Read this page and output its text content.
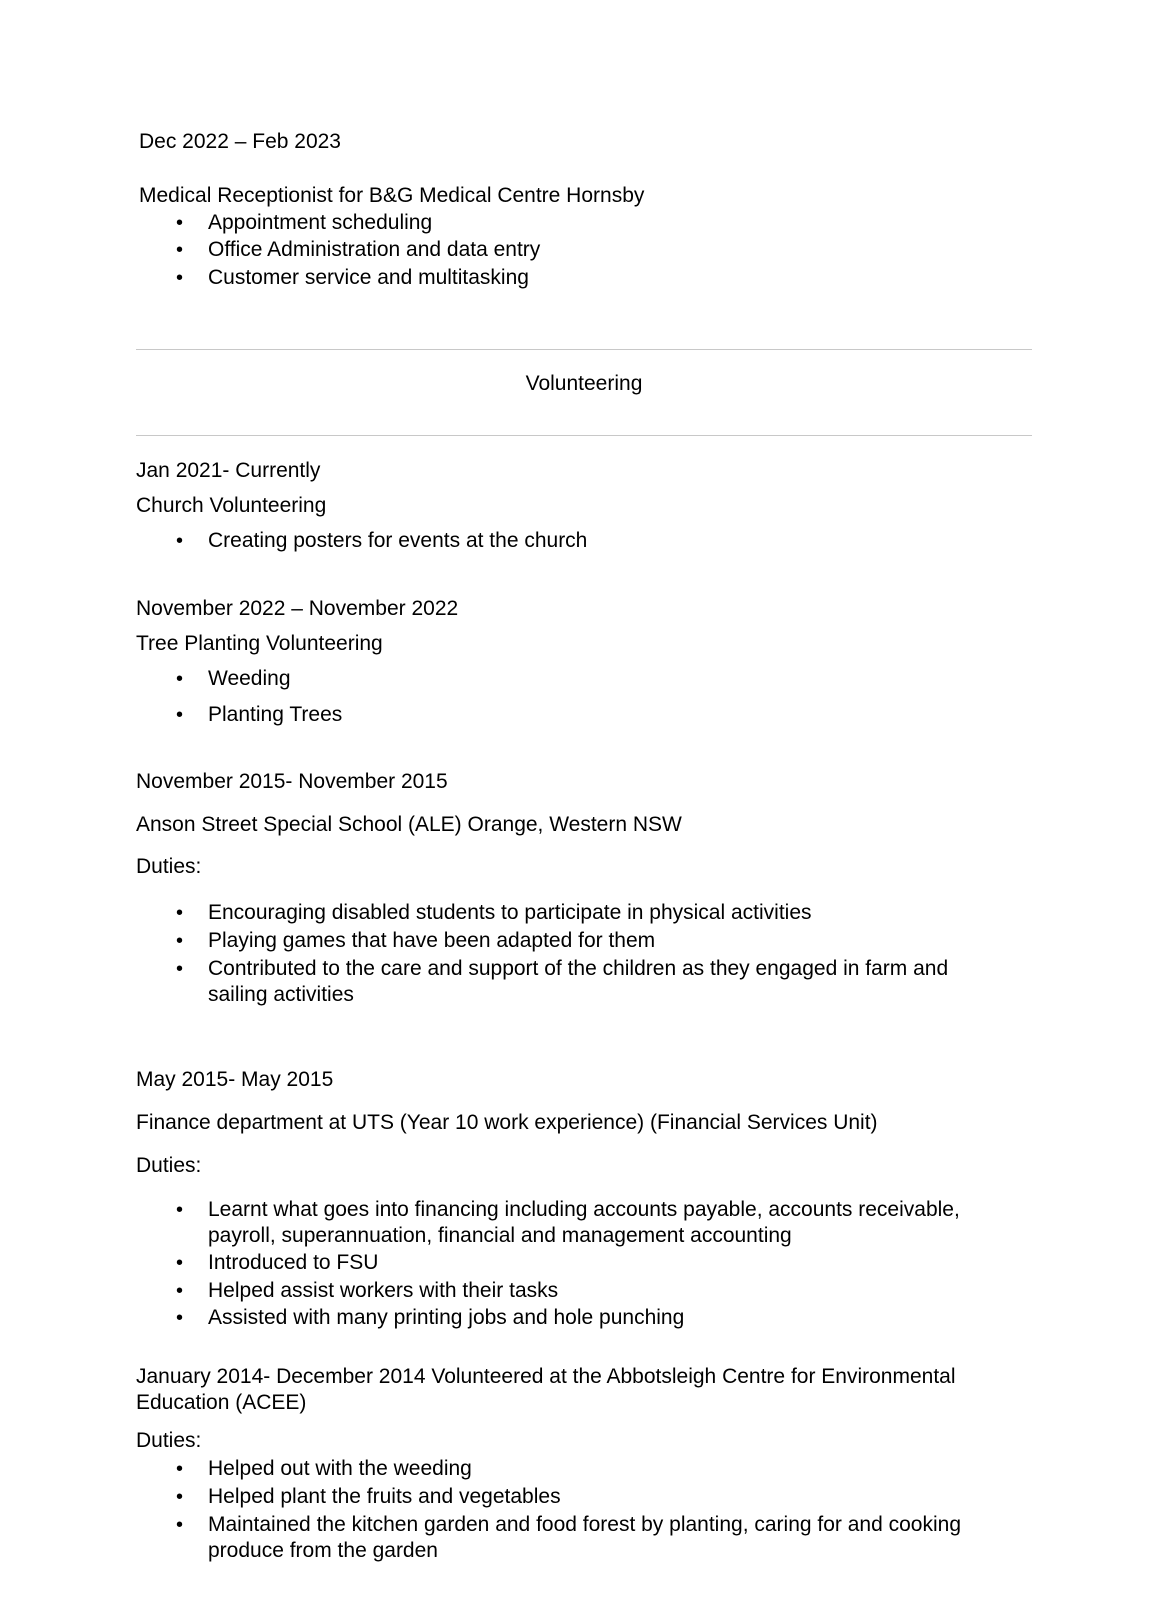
Dec 2022 – Feb 2023
Medical Receptionist for B&G Medical Centre Hornsby
• Appointment scheduling
• Office Administration and data entry
• Customer service and multitasking
Volunteering
Jan 2021- Currently
Church Volunteering
• Creating posters for events at the church
November 2022 – November 2022
Tree Planting Volunteering
• Weeding
• Planting Trees
November 2015- November 2015
Anson Street Special School (ALE) Orange, Western NSW
Duties:
• Encouraging disabled students to participate in physical activities
• Playing games that have been adapted for them
• Contributed to the care and support of the children as they engaged in farm and sailing activities
May 2015- May 2015
Finance department at UTS (Year 10 work experience) (Financial Services Unit)
Duties:
• Learnt what goes into financing including accounts payable, accounts receivable, payroll, superannuation, financial and management accounting
• Introduced to FSU
• Helped assist workers with their tasks
• Assisted with many printing jobs and hole punching
January 2014- December 2014 Volunteered at the Abbotsleigh Centre for Environmental Education (ACEE)
Duties:
• Helped out with the weeding
• Helped plant the fruits and vegetables
• Maintained the kitchen garden and food forest by planting, caring for and cooking produce from the garden
